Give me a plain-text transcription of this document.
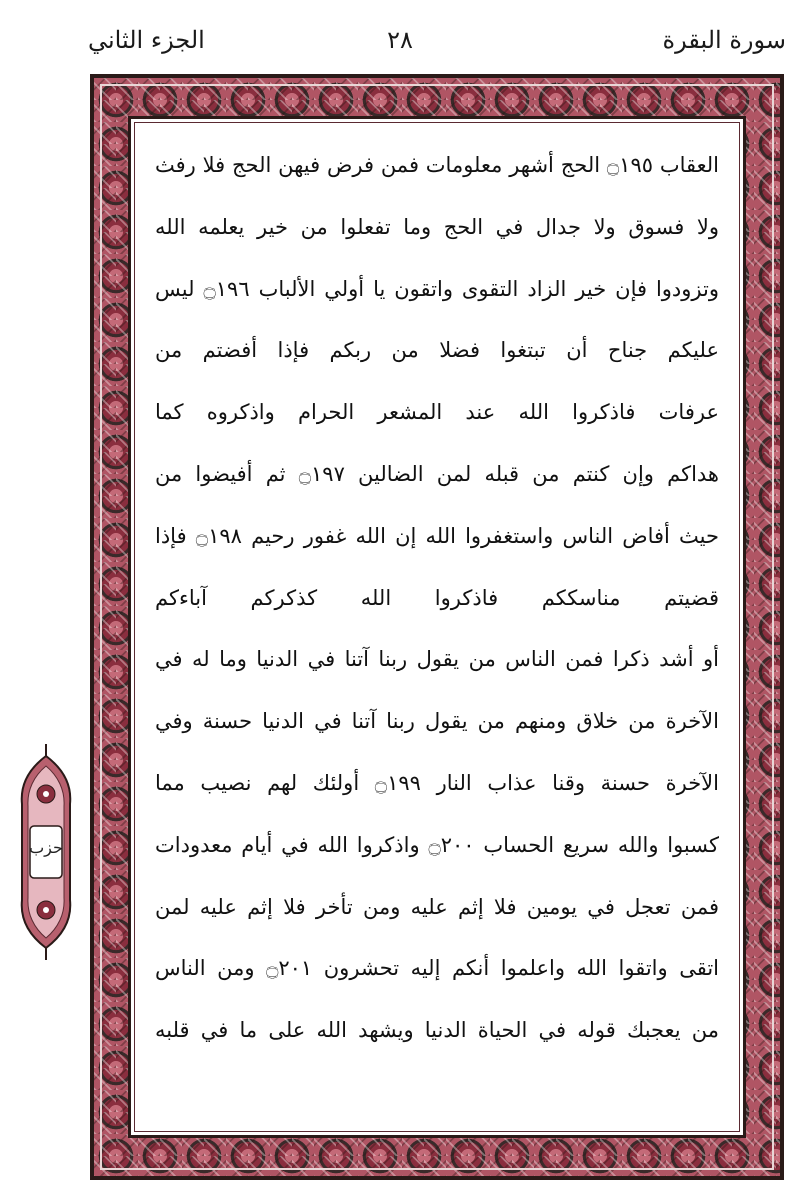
سورة البقرة
٢٨
الجزء الثاني
العقاب ۝١٩٥ الحج أشهر معلومات فمن فرض فيهن الحج فلا رفث
ولا فسوق ولا جدال في الحج وما تفعلوا من خير يعلمه الله
وتزودوا فإن خير الزاد التقوى واتقون يا أولي الألباب ۝١٩٦ ليس
عليكم جناح أن تبتغوا فضلا من ربكم فإذا أفضتم من
عرفات فاذكروا الله عند المشعر الحرام واذكروه كما
هداكم وإن كنتم من قبله لمن الضالين ۝١٩٧ ثم أفيضوا من
حيث أفاض الناس واستغفروا الله إن الله غفور رحيم ۝١٩٨ فإذا
قضيتم مناسككم فاذكروا الله كذكركم آباءكم
أو أشد ذكرا فمن الناس من يقول ربنا آتنا في الدنيا وما له في
الآخرة من خلاق ومنهم من يقول ربنا آتنا في الدنيا حسنة وفي
الآخرة حسنة وقنا عذاب النار ۝١٩٩ أولئك لهم نصيب مما
كسبوا والله سريع الحساب ۝٢٠٠ واذكروا الله في أيام معدودات
فمن تعجل في يومين فلا إثم عليه ومن تأخر فلا إثم عليه لمن
اتقى واتقوا الله واعلموا أنكم إليه تحشرون ۝٢٠١ ومن الناس
من يعجبك قوله في الحياة الدنيا ويشهد الله على ما في قلبه
حزب
